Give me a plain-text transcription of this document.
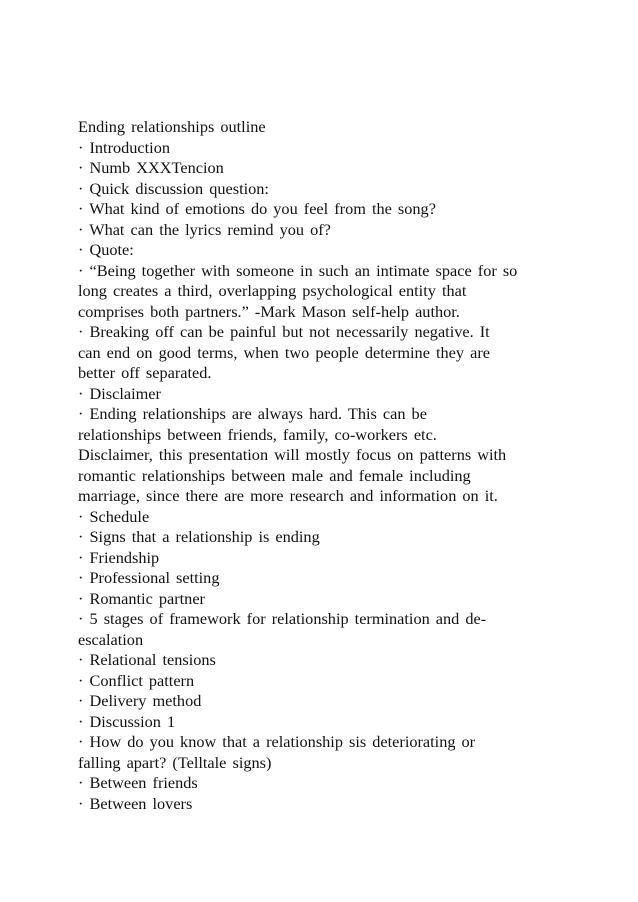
Ending relationships outline

· Introduction

· Numb XXXTencion

· Quick discussion question:

· What kind of emotions do you feel from the song?

· What can the lyrics remind you of?

· Quote:

· “Being together with someone in such an intimate space for so

long creates a third, overlapping psychological entity that

comprises both partners.” -Mark Mason self-help author.

· Breaking off can be painful but not necessarily negative. It

can end on good terms, when two people determine they are

better off separated.

· Disclaimer

· Ending relationships are always hard. This can be

relationships between friends, family, co-workers etc.

Disclaimer, this presentation will mostly focus on patterns with

romantic relationships between male and female including

marriage, since there are more research and information on it.

· Schedule

· Signs that a relationship is ending

· Friendship

· Professional setting

· Romantic partner

· 5 stages of framework for relationship termination and de-

escalation

· Relational tensions

· Conflict pattern

· Delivery method

· Discussion 1

· How do you know that a relationship sis deteriorating or

falling apart? (Telltale signs)

· Between friends

· Between lovers
